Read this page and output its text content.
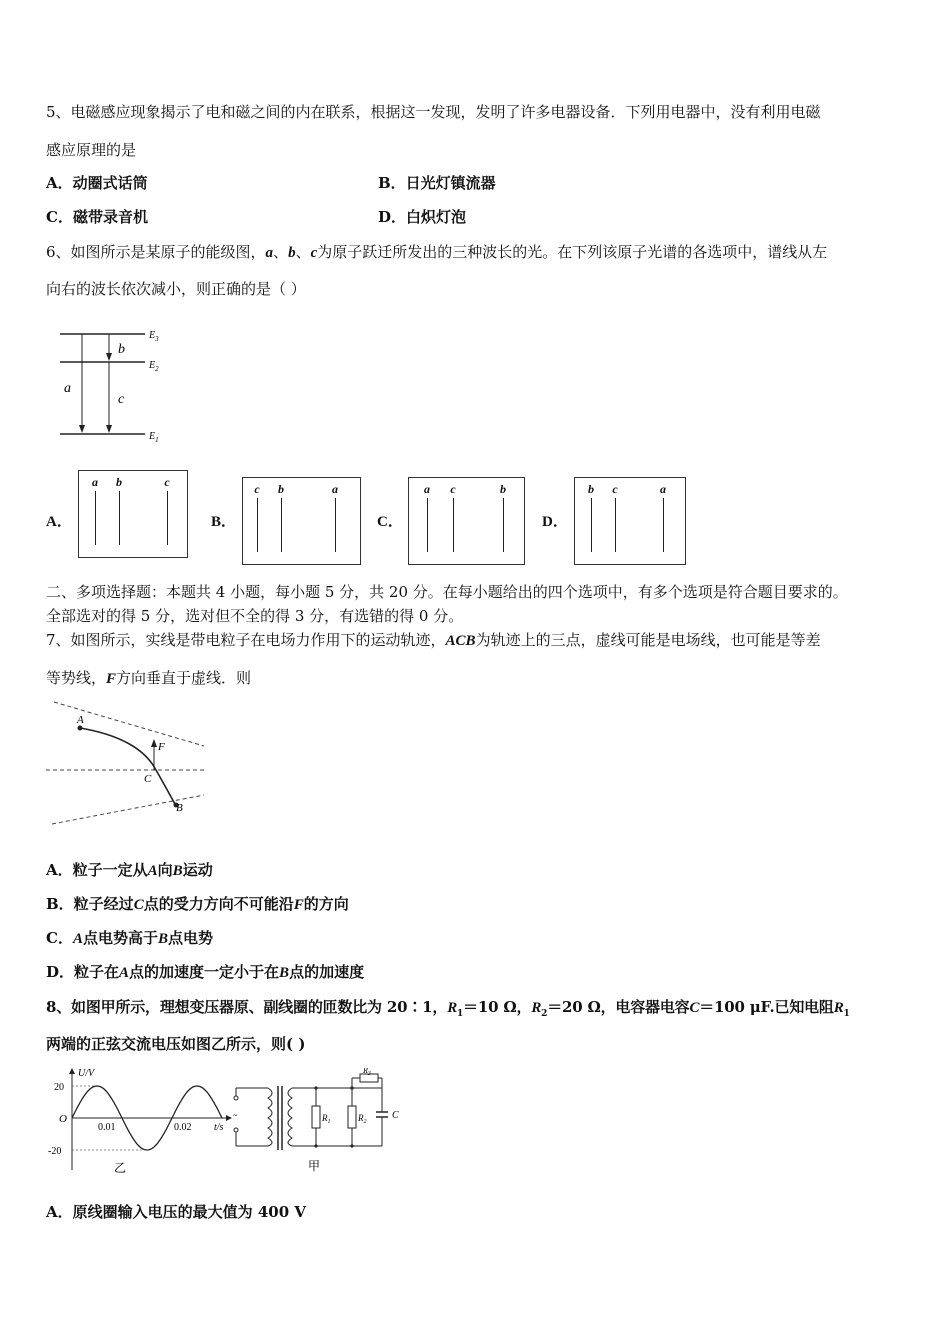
5、电磁感应现象揭示了电和磁之间的内在联系，根据这一发现，发明了许多电器设备．下列用电器中，没有利用电磁
感应原理的是
A．动圈式话筒	B．日光灯镇流器
C．磁带录音机	D．白炽灯泡
6、如图所示是某原子的能级图，a、b、c为原子跃迁所发出的三种波长的光。在下列该原子光谱的各选项中，谱线从左
向右的波长依次减小，则正确的是（ ）
b
a
c
$E_3$
$E_2$
$E_1$
A．
a b	c
B．
c b	a
C．
a c	b
D．
b c	a
二、多项选择题：本题共 4 小题，每小题 5 分，共 20 分。在每小题给出的四个选项中，有多个选项是符合题目要求的。
全部选对的得 5 分，选对但不全的得 3 分，有选错的得 0 分。
7、如图所示，实线是带电粒子在电场力作用下的运动轨迹，ACB为轨迹上的三点，虚线可能是电场线，也可能是等差
等势线，F方向垂直于虚线．则
A
F
C
B
A．粒子一定从A向B运动
B．粒子经过C点的受力方向不可能沿F的方向
C．A点电势高于B点电势
D．粒子在A点的加速度一定小于在B点的加速度
8、如图甲所示，理想变压器原、副线圈的匝数比为 20∶1，$R_1=10$ Ω，$R_2=20$ Ω，电容器电容C＝100 μF.已知电阻$R_1$
两端的正弦交流电压如图乙所示，则( )
U/V
20
-20
O
0.01	0.02 t/s
乙
~	$R_1$	$R_2$
$R_3$
C
甲
A．原线圈输入电压的最大值为 400 V
